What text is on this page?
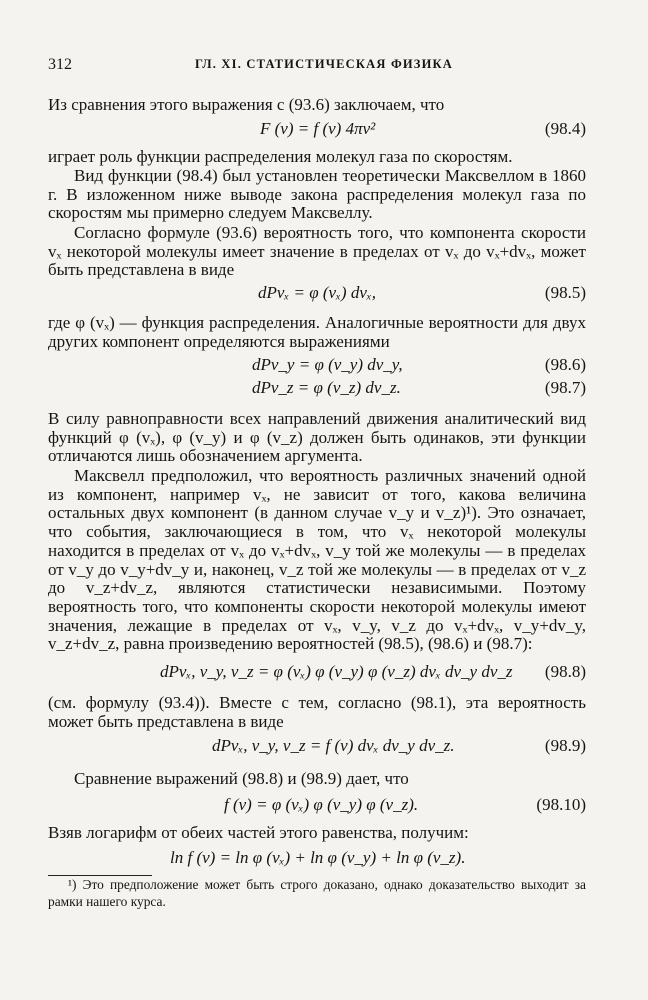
312	ГЛ. XI. СТАТИСТИЧЕСКАЯ ФИЗИКА
Из сравнения этого выражения с (93.6) заключаем, что
F (v) = f (v) 4πv²	(98.4)
играет роль функции распределения молекул газа по скоростям.
Вид функции (98.4) был установлен теоретически Максвеллом в 1860 г. В изложенном ниже выводе закона распределения молекул газа по скоростям мы примерно следуем Максвеллу.
Согласно формуле (93.6) вероятность того, что компонента скорости vₓ некоторой молекулы имеет значение в пределах от vₓ до vₓ+dvₓ, может быть представлена в виде
dPvₓ = φ (vₓ) dvₓ,	(98.5)
где φ (vₓ) — функция распределения. Аналогичные вероятности для двух других компонент определяются выражениями
dPv_y = φ (v_y) dv_y,	(98.6)
dPv_z = φ (v_z) dv_z.	(98.7)
В силу равноправности всех направлений движения аналитический вид функций φ (vₓ), φ (v_y) и φ (v_z) должен быть одинаков, эти функции отличаются лишь обозначением аргумента.
Максвелл предположил, что вероятность различных значений одной из компонент, например vₓ, не зависит от того, какова величина остальных двух компонент (в данном случае v_y и v_z)¹). Это означает, что события, заключающиеся в том, что vₓ некоторой молекулы находится в пределах от vₓ до vₓ+dvₓ, v_y той же молекулы — в пределах от v_y до v_y+dv_y и, наконец, v_z той же молекулы — в пределах от v_z до v_z+dv_z, являются статистически независимыми. Поэтому вероятность того, что компоненты скорости некоторой молекулы имеют значения, лежащие в пределах от vₓ, v_y, v_z до vₓ+dvₓ, v_y+dv_y, v_z+dv_z, равна произведению вероятностей (98.5), (98.6) и (98.7):
dPvₓ, v_y, v_z = φ (vₓ) φ (v_y) φ (v_z) dvₓ dv_y dv_z (98.8)
(см. формулу (93.4)). Вместе с тем, согласно (98.1), эта вероятность может быть представлена в виде
dPvₓ, v_y, v_z = f (v) dvₓ dv_y dv_z.	(98.9)
Сравнение выражений (98.8) и (98.9) дает, что
f (v) = φ (vₓ) φ (v_y) φ (v_z).	(98.10)
Взяв логарифм от обеих частей этого равенства, получим:
ln f (v) = ln φ (vₓ) + ln φ (v_y) + ln φ (v_z).
¹) Это предположение может быть строго доказано, однако доказательство выходит за рамки нашего курса.
